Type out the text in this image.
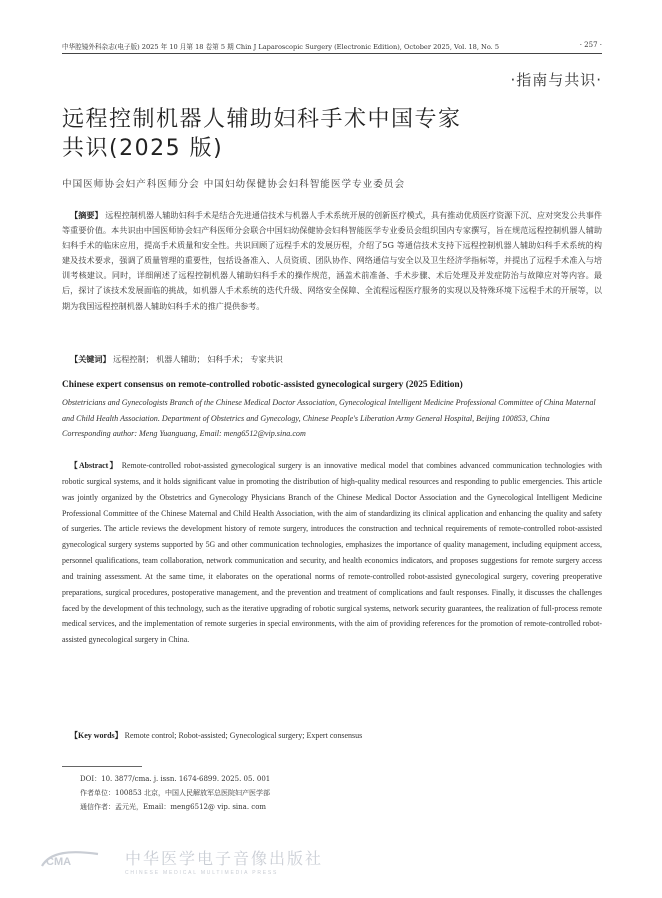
中华腔镜外科杂志(电子版) 2025 年 10 月第 18 卷第 5 期 Chin J Laparoscopic Surgery (Electronic Edition), October 2025, Vol. 18, No. 5	· 257 ·
·指南与共识·
远程控制机器人辅助妇科手术中国专家共识(2025 版)
中国医师协会妇产科医师分会 中国妇幼保健协会妇科智能医学专业委员会
【摘要】 远程控制机器人辅助妇科手术是结合先进通信技术与机器人手术系统开展的创新医疗模式，具有推动优质医疗资源下沉、应对突发公共事件等重要价值。本共识由中国医师协会妇产科医师分会联合中国妇幼保健协会妇科智能医学专业委员会组织国内专家撰写，旨在规范远程控制机器人辅助妇科手术的临床应用，提高手术质量和安全性。共识回顾了远程手术的发展历程，介绍了5G 等通信技术支持下远程控制机器人辅助妇科手术系统的构建及技术要求，强调了质量管理的重要性，包括设备准入、人员资质、团队协作、网络通信与安全以及卫生经济学指标等，并提出了远程手术准入与培训考核建议。同时，详细阐述了远程控制机器人辅助妇科手术的操作规范，涵盖术前准备、手术步骤、术后处理及并发症防治与故障应对等内容。最后，探讨了该技术发展面临的挑战，如机器人手术系统的迭代升级、网络安全保障、全流程远程医疗服务的实现以及特殊环境下远程手术的开展等，以期为我国远程控制机器人辅助妇科手术的推广提供参考。
【关键词】 远程控制； 机器人辅助； 妇科手术； 专家共识
Chinese expert consensus on remote-controlled robotic-assisted gynecological surgery (2025 Edition)
Obstetricians and Gynecologists Branch of the Chinese Medical Doctor Association, Gynecological Intelligent Medicine Professional Committee of China Maternal and Child Health Association. Department of Obstetrics and Gynecology, Chinese People's Liberation Army General Hospital, Beijing 100853, China
Corresponding author: Meng Yuanguang, Email: meng6512@vip.sina.com
【Abstract】 Remote-controlled robot-assisted gynecological surgery is an innovative medical model that combines advanced communication technologies with robotic surgical systems, and it holds significant value in promoting the distribution of high-quality medical resources and responding to public emergencies. This article was jointly organized by the Obstetrics and Gynecology Physicians Branch of the Chinese Medical Doctor Association and the Gynecological Intelligent Medicine Professional Committee of the Chinese Maternal and Child Health Association, with the aim of standardizing its clinical application and enhancing the quality and safety of surgeries. The article reviews the development history of remote surgery, introduces the construction and technical requirements of remote-controlled robot-assisted gynecological surgery systems supported by 5G and other communication technologies, emphasizes the importance of quality management, including equipment access, personnel qualifications, team collaboration, network communication and security, and health economics indicators, and proposes suggestions for remote surgery access and training assessment. At the same time, it elaborates on the operational norms of remote-controlled robot-assisted gynecological surgery, covering preoperative preparations, surgical procedures, postoperative management, and the prevention and treatment of complications and fault responses. Finally, it discusses the challenges faced by the development of this technology, such as the iterative upgrading of robotic surgical systems, network security guarantees, the realization of full-process remote medical services, and the implementation of remote surgeries in special environments, with the aim of providing references for the promotion of remote-controlled robot-assisted gynecological surgery in China.
【Key words】 Remote control; Robot-assisted; Gynecological surgery; Expert consensus
DOI：10. 3877/cma. j. issn. 1674-6899. 2025. 05. 001
作者单位：100853 北京，中国人民解放军总医院妇产医学部
通信作者：孟元光，Email：meng6512@ vip. sina. com
CMA	中华医学电子音像出版社
CHINESE MEDICAL MULTIMEDIA PRESS
